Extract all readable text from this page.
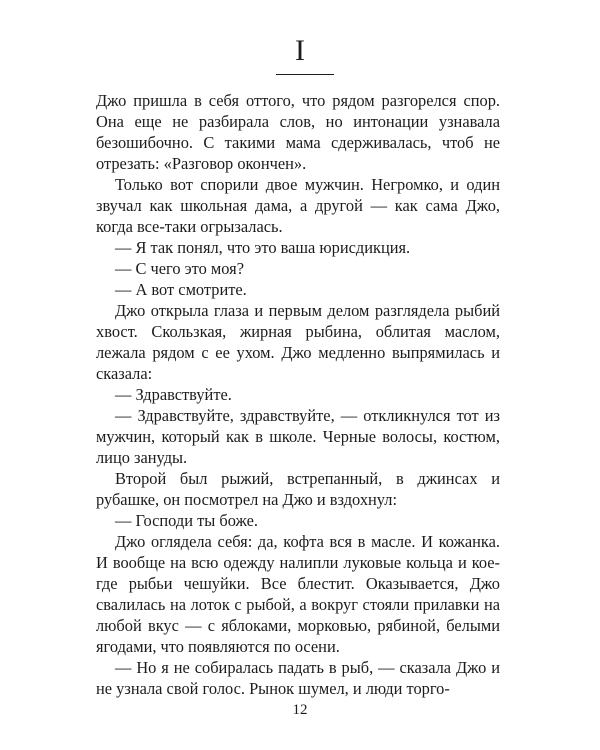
I

Джо пришла в себя оттого, что рядом разгорелся спор. Она еще не разбирала слов, но интонации узнавала безошибочно. С такими мама сдерживалась, чтоб не отрезать: «Разговор окончен».

Только вот спорили двое мужчин. Негромко, и один звучал как школьная дама, а другой — как сама Джо, когда все-таки огрызалась.

— Я так понял, что это ваша юрисдикция.

— С чего это моя?

— А вот смотрите.

Джо открыла глаза и первым делом разглядела рыбий хвост. Скользкая, жирная рыбина, облитая маслом, лежала рядом с ее ухом. Джо медленно выпрямилась и сказала:

— Здравствуйте.

— Здравствуйте, здравствуйте, — откликнулся тот из мужчин, который как в школе. Черные волосы, костюм, лицо зануды.

Второй был рыжий, встрепанный, в джинсах и рубашке, он посмотрел на Джо и вздохнул:

— Господи ты боже.

Джо оглядела себя: да, кофта вся в масле. И кожанка. И вообще на всю одежду налипли луковые кольца и кое-где рыбьи чешуйки. Все блестит. Оказывается, Джо свалилась на лоток с рыбой, а вокруг стояли прилавки на любой вкус — с яблоками, морковью, рябиной, белыми ягодами, что появляются по осени.

— Но я не собиралась падать в рыб, — сказала Джо и не узнала свой голос. Рынок шумел, и люди торго-

12
